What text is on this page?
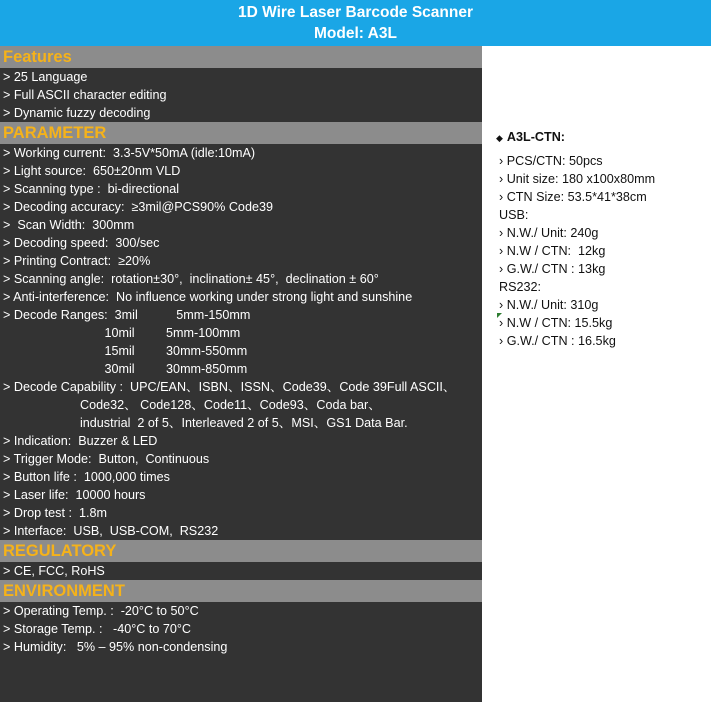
1D Wire Laser Barcode Scanner
Model: A3L
Features
> 25 Language
> Full ASCII character editing
> Dynamic fuzzy decoding
PARAMETER
> Working current:  3.3-5V*50mA (idle:10mA)
> Light source:  650±20nm VLD
> Scanning type :  bi-directional
> Decoding accuracy:  ≥3mil@PCS90% Code39
>  Scan Width:  300mm
> Decoding speed:  300/sec
> Printing Contract:  ≥20%
> Scanning angle:  rotation±30°,  inclination± 45°,  declination ± 60°
> Anti-interference:  No influence working under strong light and sunshine
> Decode Ranges:  3mil           5mm-150mm
10mil         5mm-100mm
15mil         30mm-550mm
30mil         30mm-850mm
> Decode Capability :  UPC/EAN、ISBN、ISSN、Code39、Code 39Full ASCII、
Code32、 Code128、Code11、Code93、Coda bar、
industrial  2 of 5、Interleaved 2 of 5、MSI、GS1 Data Bar.
> Indication:  Buzzer & LED
> Trigger Mode:  Button,  Continuous
> Button life :  1000,000 times
> Laser life:  10000 hours
> Drop test :  1.8m
> Interface:  USB,  USB-COM,  RS232
REGULATORY
> CE, FCC, RoHS
ENVIRONMENT
> Operating Temp. :  -20°C to 50°C
> Storage Temp. :   -40°C to 70°C
> Humidity:   5% – 95% non-condensing
◆ A3L-CTN:
› PCS/CTN: 50pcs
› Unit size: 180 x100x80mm
› CTN Size: 53.5*41*38cm
USB:
› N.W./ Unit: 240g
› N.W / CTN:  12kg
› G.W./ CTN : 13kg
RS232:
› N.W./ Unit: 310g
› N.W / CTN: 15.5kg
› G.W./ CTN : 16.5kg
